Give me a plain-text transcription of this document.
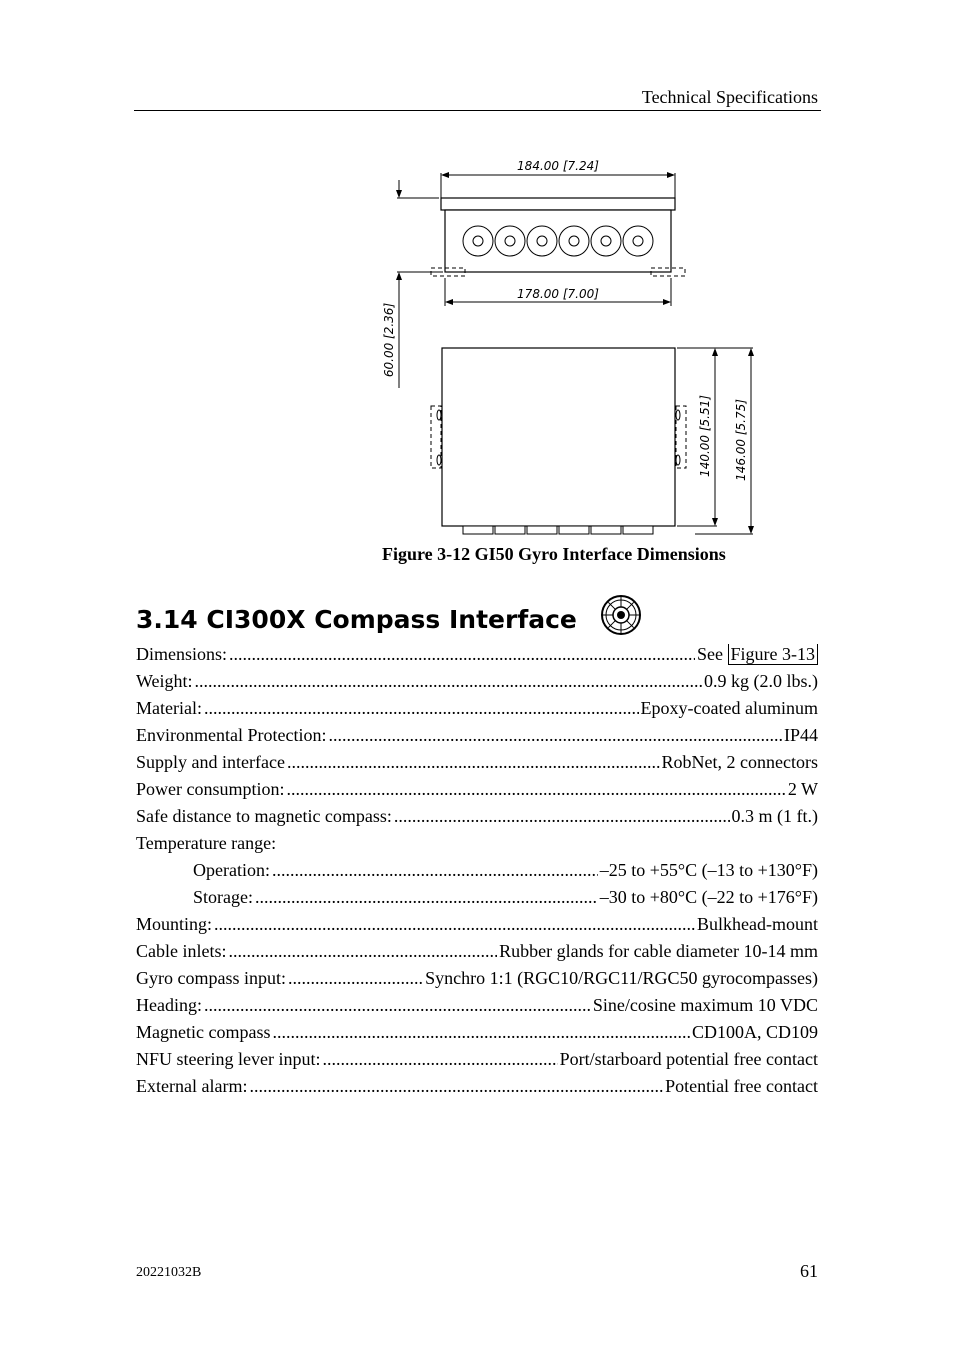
Technical Specifications
184.00 [7.24]
178.00 [7.00]
60.00 [2.36]
140.00 [5.51] 146.00 [5.75]
Figure 3-12 GI50 Gyro Interface Dimensions
3.14 CI300X Compass Interface
Dimensions: .....	See Figure 3-13
Weight: .....	0.9 kg (2.0 lbs.)
Material: .....	Epoxy-coated aluminum
Environmental Protection: .....	IP44
Supply and interface .....	RobNet, 2 connectors
Power consumption: .....	2 W
Safe distance to magnetic compass: .....	0.3 m (1 ft.)
Temperature range:
Operation: .....	–25 to +55°C (–13 to +130°F)
Storage: .....	–30 to +80°C (–22 to +176°F)
Mounting: .....	Bulkhead-mount
Cable inlets: .....	Rubber glands for cable diameter 10-14 mm
Gyro compass input: .....	Synchro 1:1 (RGC10/RGC11/RGC50 gyrocompasses)
Heading: .....	Sine/cosine maximum 10 VDC
Magnetic compass .....	CD100A, CD109
NFU steering lever input: .....	Port/starboard potential free contact
External alarm: .....	Potential free contact
20221032B	61
